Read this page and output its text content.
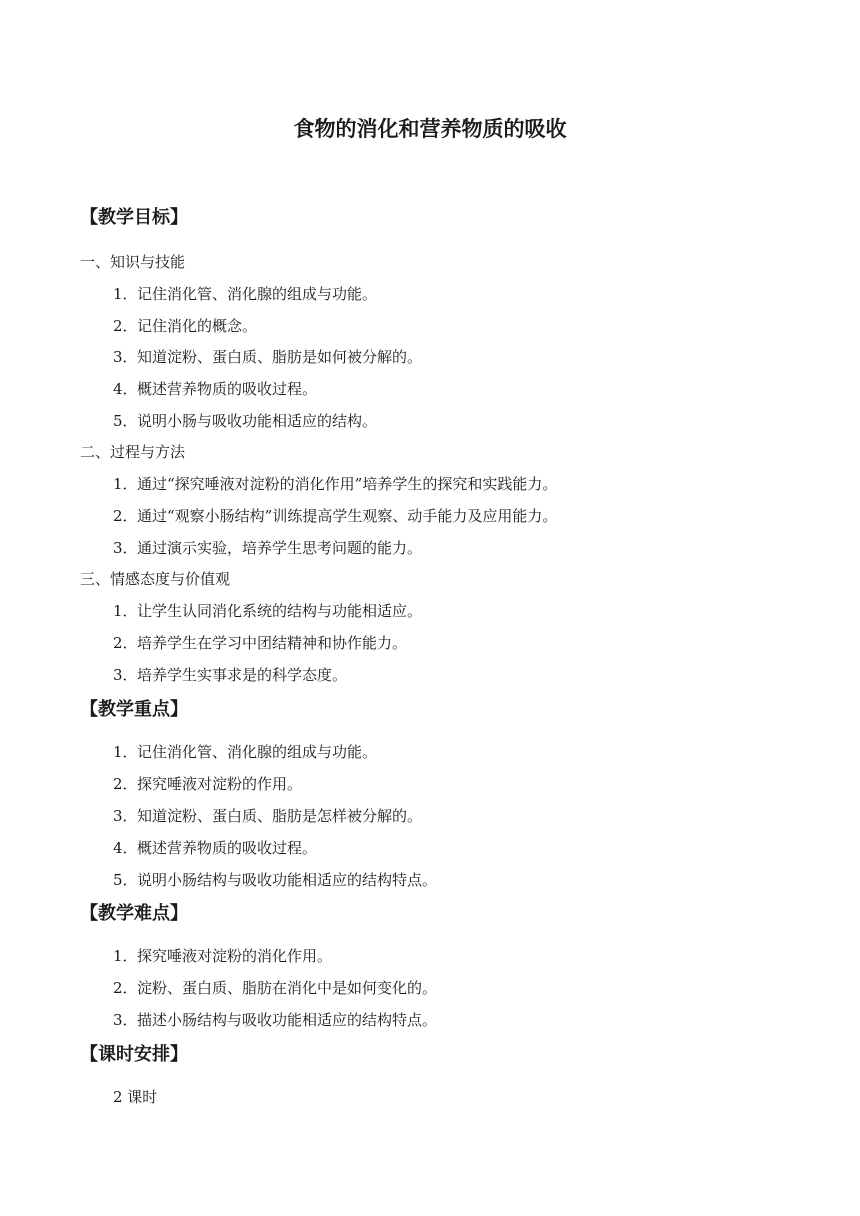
食物的消化和营养物质的吸收
【教学目标】
一、知识与技能
1．记住消化管、消化腺的组成与功能。
2．记住消化的概念。
3．知道淀粉、蛋白质、脂肪是如何被分解的。
4．概述营养物质的吸收过程。
5．说明小肠与吸收功能相适应的结构。
二、过程与方法
1．通过“探究唾液对淀粉的消化作用”培养学生的探究和实践能力。
2．通过“观察小肠结构”训练提高学生观察、动手能力及应用能力。
3．通过演示实验，培养学生思考问题的能力。
三、情感态度与价值观
1．让学生认同消化系统的结构与功能相适应。
2．培养学生在学习中团结精神和协作能力。
3．培养学生实事求是的科学态度。
【教学重点】
1．记住消化管、消化腺的组成与功能。
2．探究唾液对淀粉的作用。
3．知道淀粉、蛋白质、脂肪是怎样被分解的。
4．概述营养物质的吸收过程。
5．说明小肠结构与吸收功能相适应的结构特点。
【教学难点】
1．探究唾液对淀粉的消化作用。
2．淀粉、蛋白质、脂肪在消化中是如何变化的。
3．描述小肠结构与吸收功能相适应的结构特点。
【课时安排】
2 课时
